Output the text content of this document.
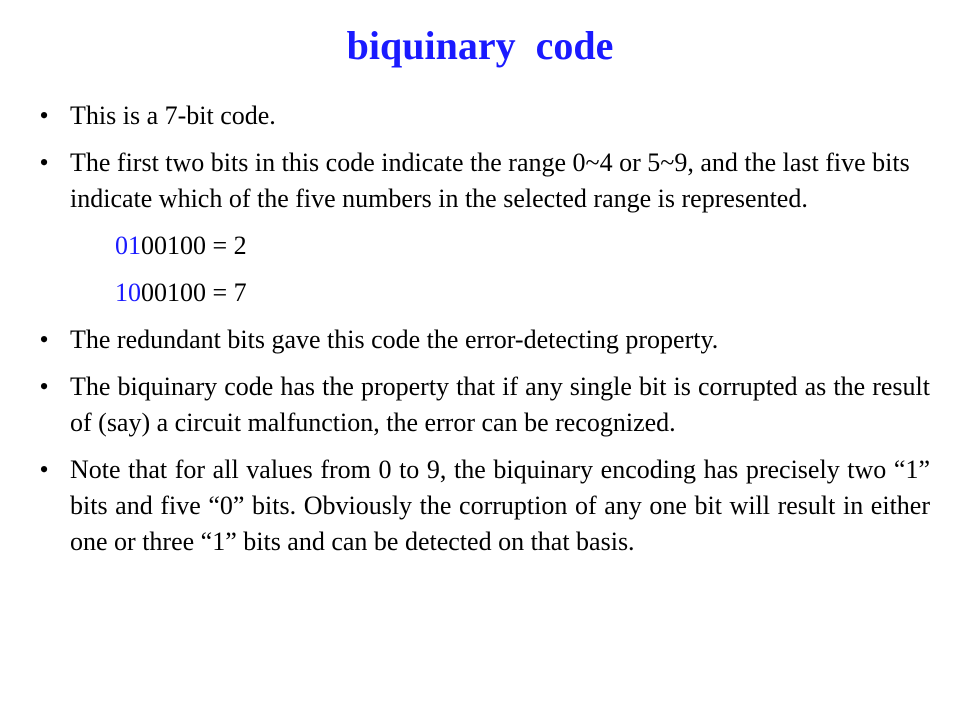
biquinary  code
• This is a 7-bit code.
• The first two bits in this code indicate the range 0~4 or 5~9, and the last five bits indicate which of the five numbers in the selected range is represented.
0100100 = 2
1000100 = 7
• The redundant bits gave this code the error-detecting property.
• The biquinary code has the property that if any single bit is corrupted as the result of (say) a circuit malfunction, the error can be recognized.
• Note that for all values from 0 to 9, the biquinary encoding has precisely two “1” bits and five “0” bits. Obviously the corruption of any one bit will result in either one or three “1” bits and can be detected on that basis.
